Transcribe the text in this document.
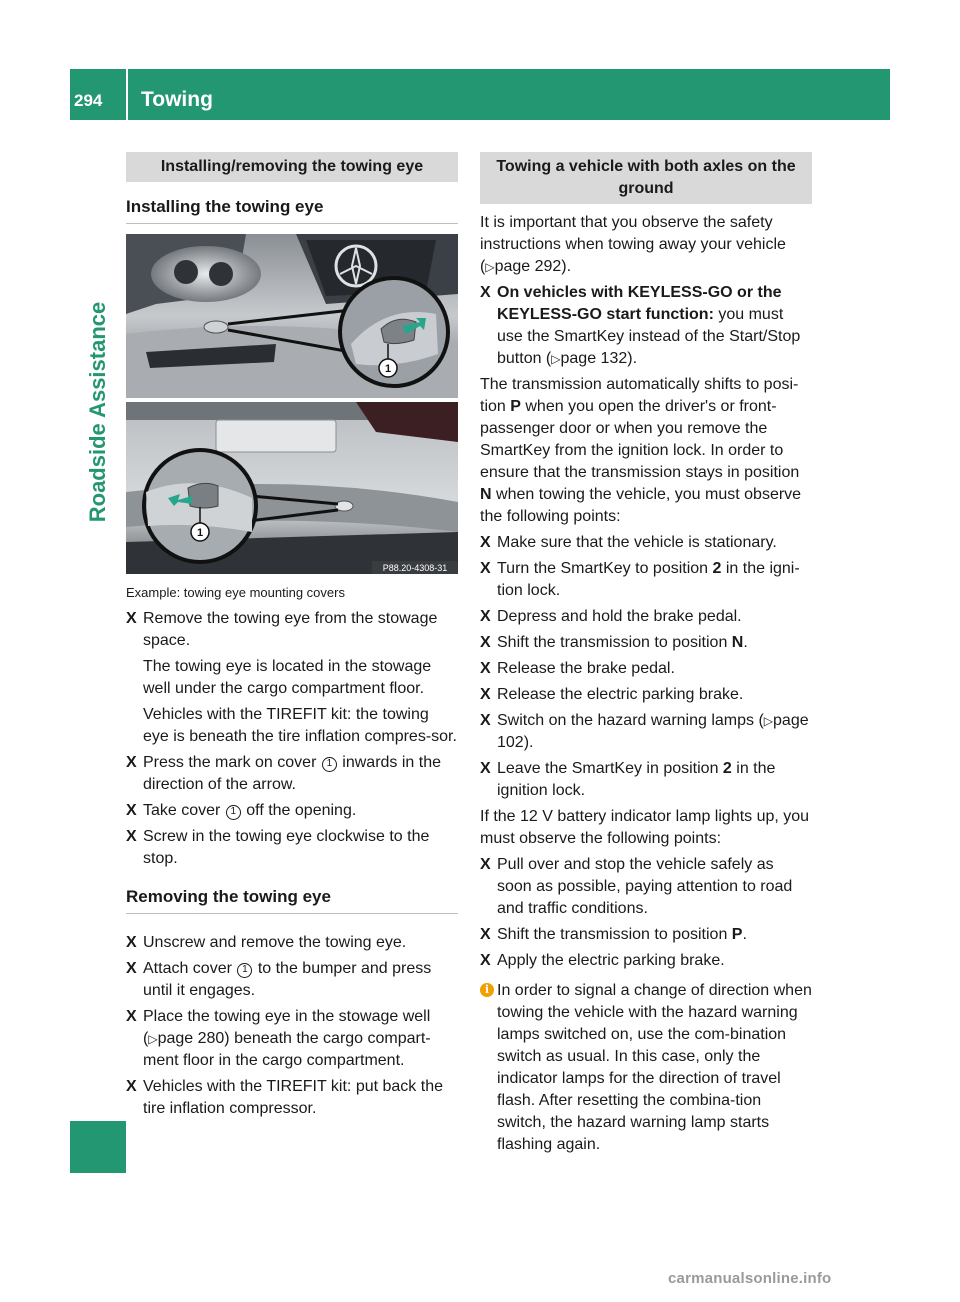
294	Towing
Roadside Assistance
Installing/removing the towing eye
Installing the towing eye
1
1
P88.20-4308-31
Example: towing eye mounting covers
X Remove the towing eye from the stowage space.
The towing eye is located in the stowage well under the cargo compartment floor.
Vehicles with the TIREFIT kit: the towing eye is beneath the tire inflation compres-sor.
X Press the mark on cover 1 inwards in the direction of the arrow.
X Take cover 1 off the opening.
X Screw in the towing eye clockwise to the stop.
Removing the towing eye
X Unscrew and remove the towing eye.
X Attach cover 1 to the bumper and press until it engages.
X Place the towing eye in the stowage well (▷page 280) beneath the cargo compart-ment floor in the cargo compartment.
X Vehicles with the TIREFIT kit: put back the tire inflation compressor.
Towing a vehicle with both axles on the ground
It is important that you observe the safety instructions when towing away your vehicle (▷page 292).
X On vehicles with KEYLESS-GO or the KEYLESS-GO start function: you must use the SmartKey instead of the Start/Stop button (▷page 132).
The transmission automatically shifts to posi-tion P when you open the driver's or front-passenger door or when you remove the SmartKey from the ignition lock. In order to ensure that the transmission stays in position N when towing the vehicle, you must observe the following points:
X Make sure that the vehicle is stationary.
X Turn the SmartKey to position 2 in the igni-tion lock.
X Depress and hold the brake pedal.
X Shift the transmission to position N.
X Release the brake pedal.
X Release the electric parking brake.
X Switch on the hazard warning lamps (▷page 102).
X Leave the SmartKey in position 2 in the ignition lock.
If the 12 V battery indicator lamp lights up, you must observe the following points:
X Pull over and stop the vehicle safely as soon as possible, paying attention to road and traffic conditions.
X Shift the transmission to position P.
X Apply the electric parking brake.
i In order to signal a change of direction when towing the vehicle with the hazard warning lamps switched on, use the com-bination switch as usual. In this case, only the indicator lamps for the direction of travel flash. After resetting the combina-tion switch, the hazard warning lamp starts flashing again.
carmanualsonline.info
